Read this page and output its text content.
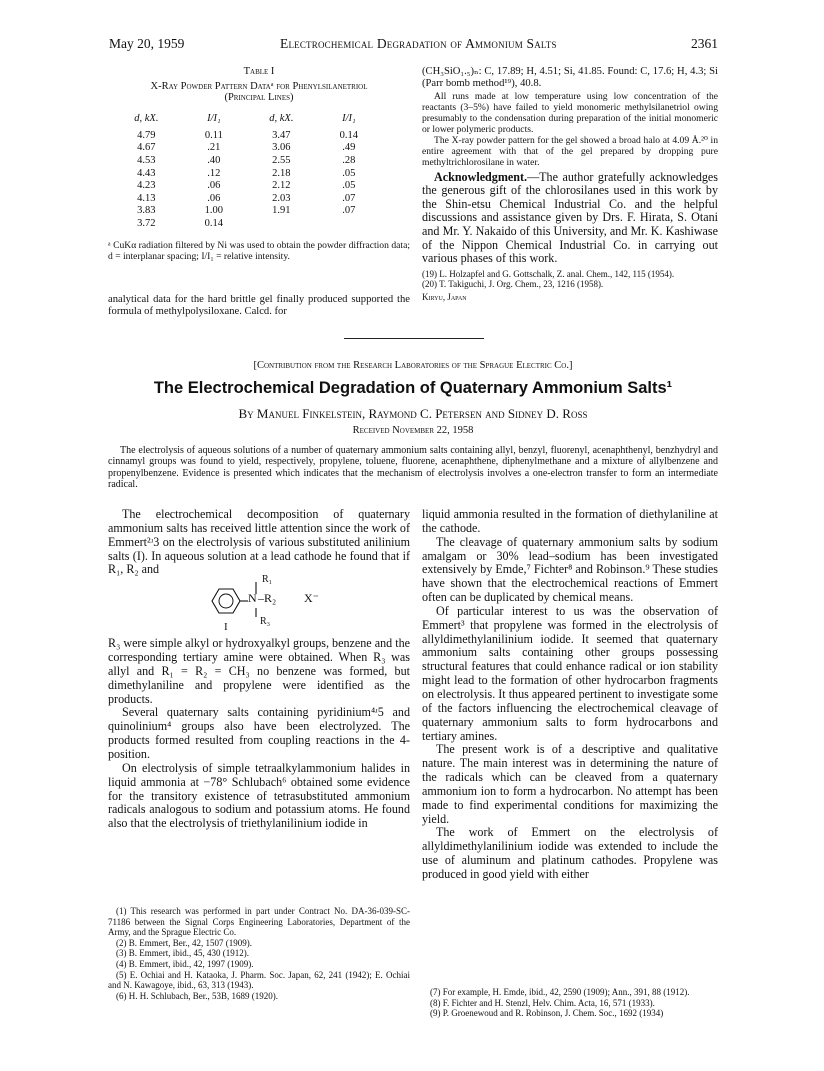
May 20, 1959	Electrochemical Degradation of Ammonium Salts	2361
Table I
X-Ray Powder Pattern Dataᵃ for Phenylsilanetriol
(Principal Lines)
d, kX.	I/I₁	d, kX.	I/I₁
4.79	0.11	3.47	0.14
4.67	.21	3.06	.49
4.53	.40	2.55	.28
4.43	.12	2.18	.05
4.23	.06	2.12	.05
4.13	.06	2.03	.07
3.83	1.00	1.91	.07
3.72	0.14		
ᵃ CuKα radiation filtered by Ni was used to obtain the powder diffraction data; d = interplanar spacing; I/I₁ = relative intensity.
analytical data for the hard brittle gel finally produced supported the formula of methylpolysiloxane. Calcd. for

(CH₃SiO₁.₅)ₙ: C, 17.89; H, 4.51; Si, 41.85. Found: C, 17.6; H, 4.3; Si (Parr bomb method¹⁹), 40.8.

All runs made at low temperature using low concentration of the reactants (3–5%) have failed to yield monomeric methylsilanetriol owing presumably to the condensation during preparation of the initial monomeric or lower polymeric products.

The X-ray powder pattern for the gel showed a broad halo at 4.09 Å.²⁰ in entire agreement with that of the gel prepared by dropping pure methyltrichlorosilane in water.

Acknowledgment.—The author gratefully acknowledges the generous gift of the chlorosilanes used in this work by the Shin-etsu Chemical Industrial Co. and the helpful discussions and assistance given by Drs. F. Hirata, S. Otani and Mr. Y. Nakaido of this University, and Mr. K. Kashiwase of the Nippon Chemical Industrial Co. in carrying out various phases of this work.

(19) L. Holzapfel and G. Gottschalk, Z. anal. Chem., 142, 115 (1954).
(20) T. Takiguchi, J. Org. Chem., 23, 1216 (1958).
Kiryu, Japan
[Contribution from the Research Laboratories of the Sprague Electric Co.]
The Electrochemical Degradation of Quaternary Ammonium Salts¹
By Manuel Finkelstein, Raymond C. Petersen and Sidney D. Ross
Received November 22, 1958
The electrolysis of aqueous solutions of a number of quaternary ammonium salts containing allyl, benzyl, fluorenyl, acenaphthenyl, benzhydryl and cinnamyl groups was found to yield, respectively, propylene, toluene, fluorene, acenaphthene, diphenylmethane and a mixture of allylbenzene and propenylbenzene. Evidence is presented which indicates that the mechanism of electrolysis involves a one-electron transfer to form an intermediate radical.

The electrochemical decomposition of quaternary ammonium salts has received little attention since the work of Emmert²ʴ3 on the electrolysis of various substituted anilinium salts (I). In aqueous solution at a lead cathode he found that if R₁, R₂ and

R₁
N –R₂ X⁻
R₃
I

R₃ were simple alkyl or hydroxyalkyl groups, benzene and the corresponding tertiary amine were obtained. When R₃ was allyl and R₁ = R₂ = CH₃ no benzene was formed, but dimethylaniline and propylene were identified as the products.

Several quaternary salts containing pyridinium⁴ʴ5 and quinolinium⁴ groups also have been electrolyzed. The products formed resulted from coupling reactions in the 4-position.

On electrolysis of simple tetraalkylammonium halides in liquid ammonia at −78° Schlubach⁶ obtained some evidence for the transitory existence of tetrasubstituted ammonium radicals analogous to sodium and potassium atoms. He found also that the electrolysis of triethylanilinium iodide in

(1) This research was performed in part under Contract No. DA-36-039-SC-71186 between the Signal Corps Engineering Laboratories, Department of the Army, and the Sprague Electric Co.
(2) B. Emmert, Ber., 42, 1507 (1909).
(3) B. Emmert, ibid., 45, 430 (1912).
(4) B. Emmert, ibid., 42, 1997 (1909).
(5) E. Ochiai and H. Kataoka, J. Pharm. Soc. Japan, 62, 241 (1942); E. Ochiai and N. Kawagoye, ibid., 63, 313 (1943).
(6) H. H. Schlubach, Ber., 53B, 1689 (1920).

liquid ammonia resulted in the formation of diethylaniline at the cathode.

The cleavage of quaternary ammonium salts by sodium amalgam or 30% lead–sodium has been investigated extensively by Emde,⁷ Fichter⁸ and Robinson.⁹ These studies have shown that the electrochemical reactions of Emmert often can be duplicated by chemical means.

Of particular interest to us was the observation of Emmert³ that propylene was formed in the electrolysis of allyldimethylanilinium iodide. It seemed that quaternary ammonium salts containing other groups possessing structural features that could enhance radical or ion stability might lead to the formation of other hydrocarbon fragments on electrolysis. It thus appeared pertinent to investigate some of the factors influencing the electrochemical cleavage of quaternary ammonium salts to form hydrocarbons and tertiary amines.

The present work is of a descriptive and qualitative nature. The main interest was in determining the nature of the radicals which can be cleaved from a quaternary ammonium ion to form a hydrocarbon. No attempt has been made to find experimental conditions for maximizing the yield.

The work of Emmert on the electrolysis of allyldimethylanilinium iodide was extended to include the use of aluminum and platinum cathodes. Propylene was produced in good yield with either

(7) For example, H. Emde, ibid., 42, 2590 (1909); Ann., 391, 88 (1912).
(8) F. Fichter and H. Stenzl, Helv. Chim. Acta, 16, 571 (1933).
(9) P. Groenewoud and R. Robinson, J. Chem. Soc., 1692 (1934)
